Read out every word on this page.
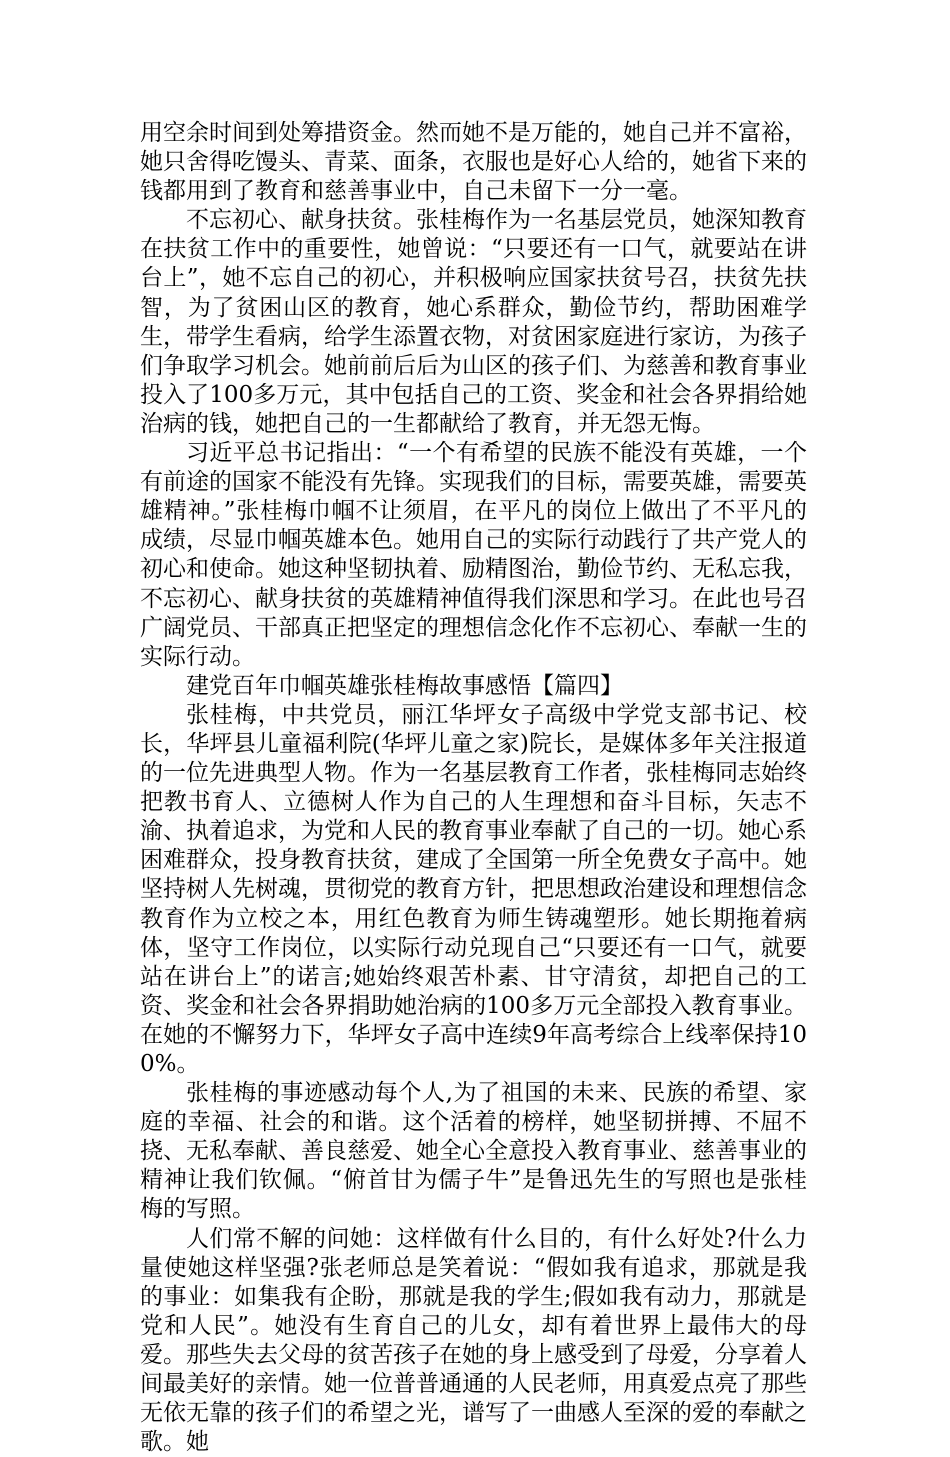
用空余时间到处筹措资金。然而她不是万能的，她自己并不富裕，她只舍得吃馒头、青菜、面条，衣服也是好心人给的，她省下来的钱都用到了教育和慈善事业中，自己未留下一分一毫。

不忘初心、献身扶贫。张桂梅作为一名基层党员，她深知教育在扶贫工作中的重要性，她曾说：“只要还有一口气，就要站在讲台上”，她不忘自己的初心，并积极响应国家扶贫号召，扶贫先扶智，为了贫困山区的教育，她心系群众，勤俭节约，帮助困难学生，带学生看病，给学生添置衣物，对贫困家庭进行家访，为孩子们争取学习机会。她前前后后为山区的孩子们、为慈善和教育事业投入了100多万元，其中包括自己的工资、奖金和社会各界捐给她治病的钱，她把自己的一生都献给了教育，并无怨无悔。

习近平总书记指出：“一个有希望的民族不能没有英雄，一个有前途的国家不能没有先锋。实现我们的目标，需要英雄，需要英雄精神。”张桂梅巾帼不让须眉，在平凡的岗位上做出了不平凡的成绩，尽显巾帼英雄本色。她用自己的实际行动践行了共产党人的初心和使命。她这种坚韧执着、励精图治，勤俭节约、无私忘我，不忘初心、献身扶贫的英雄精神值得我们深思和学习。在此也号召广阔党员、干部真正把坚定的理想信念化作不忘初心、奉献一生的实际行动。

建党百年巾帼英雄张桂梅故事感悟【篇四】

张桂梅，中共党员，丽江华坪女子高级中学党支部书记、校长，华坪县儿童福利院(华坪儿童之家)院长，是媒体多年关注报道的一位先进典型人物。作为一名基层教育工作者，张桂梅同志始终把教书育人、立德树人作为自己的人生理想和奋斗目标，矢志不渝、执着追求，为党和人民的教育事业奉献了自己的一切。她心系困难群众，投身教育扶贫，建成了全国第一所全免费女子高中。她坚持树人先树魂，贯彻党的教育方针，把思想政治建设和理想信念教育作为立校之本，用红色教育为师生铸魂塑形。她长期拖着病体，坚守工作岗位，以实际行动兑现自己“只要还有一口气，就要站在讲台上”的诺言;她始终艰苦朴素、甘守清贫，却把自己的工资、奖金和社会各界捐助她治病的100多万元全部投入教育事业。在她的不懈努力下，华坪女子高中连续9年高考综合上线率保持100%。

张桂梅的事迹感动每个人,为了祖国的未来、民族的希望、家庭的幸福、社会的和谐。这个活着的榜样，她坚韧拼搏、不屈不挠、无私奉献、善良慈爱、她全心全意投入教育事业、慈善事业的精神让我们钦佩。“俯首甘为儒子牛”是鲁迅先生的写照也是张桂梅的写照。

人们常不解的问她：这样做有什么目的，有什么好处?什么力量使她这样坚强?张老师总是笑着说：“假如我有追求，那就是我的事业：如集我有企盼，那就是我的学生;假如我有动力，那就是党和人民”。她没有生育自己的儿女，却有着世界上最伟大的母爱。那些失去父母的贫苦孩子在她的身上感受到了母爱，分享着人间最美好的亲情。她一位普普通通的人民老师，用真爱点亮了那些无依无靠的孩子们的希望之光，谱写了一曲感人至深的爱的奉献之歌。她
